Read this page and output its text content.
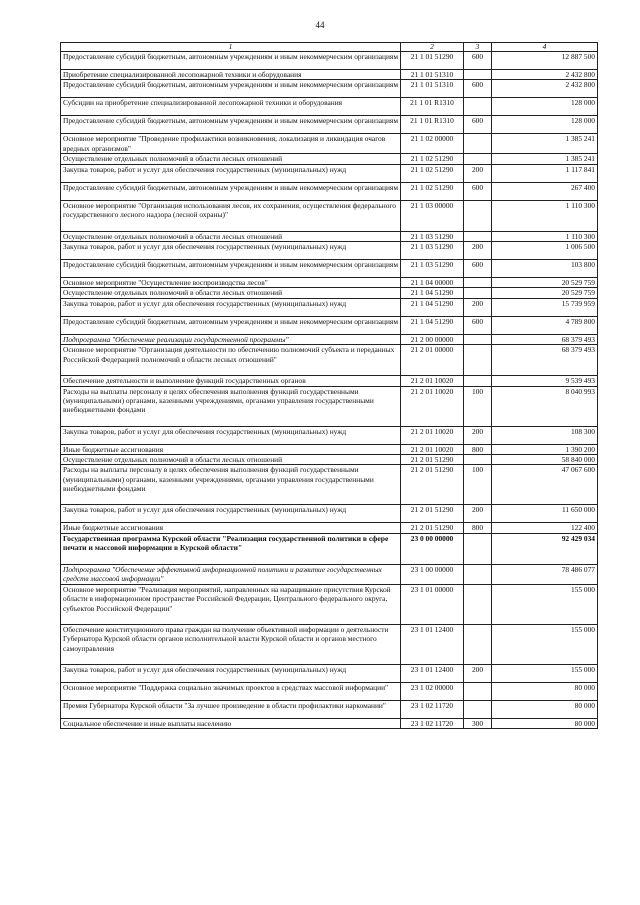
44
1	2	3	4
Предоставление субсидий бюджетным, автономным учреждениям и иным некоммерческим организациям	21 1 01 51290	600	12 887 500
Приобретение специализированной лесопожарной техники и оборудования	21 1 01 51310		2 432 800
Предоставление субсидий бюджетным, автономным учреждениям и иным некоммерческим организациям	21 1 01 51310	600	2 432 800
Субсидии на приобретение специализированной лесопожарной техники и оборудования	21 1 01 R1310		128 000
Предоставление субсидий бюджетным, автономным учреждениям и иным некоммерческим организациям	21 1 01 R1310	600	128 000
Основное мероприятие "Проведение профилактики возникновения, локализация и ликвидация очагов вредных организмов"	21 1 02 00000		1 385 241
Осуществление отдельных полномочий в области лесных отношений	21 1 02 51290		1 385 241
Закупка товаров, работ и услуг для обеспечения государственных (муниципальных) нужд	21 1 02 51290	200	1 117 841
Предоставление субсидий бюджетным, автономным учреждениям и иным некоммерческим организациям	21 1 02 51290	600	267 400
Основное мероприятие "Организация использования лесов, их сохранения, осуществления федерального государственного лесного надзора (лесной охраны)"	21 1 03 00000		1 110 300
Осуществление отдельных полномочий в области лесных отношений	21 1 03 51290		1 110 300
Закупка товаров, работ и услуг для обеспечения государственных (муниципальных) нужд	21 1 03 51290	200	1 006 500
Предоставление субсидий бюджетным, автономным учреждениям и иным некоммерческим организациям	21 1 03 51290	600	103 800
Основное мероприятие "Осуществление воспроизводства лесов"	21 1 04 00000		20 529 759
Осуществление отдельных полномочий в области лесных отношений	21 1 04 51290		20 529 759
Закупка товаров, работ и услуг для обеспечения государственных (муниципальных) нужд	21 1 04 51290	200	15 739 959
Предоставление субсидий бюджетным, автономным учреждениям и иным некоммерческим организациям	21 1 04 51290	600	4 789 800
Подпрограмма "Обеспечение реализации государственной программы"	21 2 00 00000		68 379 493
Основное мероприятие "Организация деятельности по обеспечению полномочий субъекта и переданных Российской Федерацией полномочий в области лесных отношений"	21 2 01 00000		68 379 493
Обеспечение деятельности и выполнение функций государственных органов	21 2 01 10020		9 539 493
Расходы на выплаты персоналу в целях обеспечения выполнения функций государственными (муниципальными) органами, казенными учреждениями, органами управления государственными внебюджетными фондами	21 2 01 10020	100	8 040 993
Закупка товаров, работ и услуг для обеспечения государственных (муниципальных) нужд	21 2 01 10020	200	108 300
Иные бюджетные ассигнования	21 2 01 10020	800	1 390 200
Осуществление отдельных полномочий в области лесных отношений	21 2 01 51290		58 840 000
Расходы на выплаты персоналу в целях обеспечения выполнения функций государственными (муниципальными) органами, казенными учреждениями, органами управления государственными внебюджетными фондами	21 2 01 51290	100	47 067 600
Закупка товаров, работ и услуг для обеспечения государственных (муниципальных) нужд	21 2 01 51290	200	11 650 000
Иные бюджетные ассигнования	21 2 01 51290	800	122 400
Государственная программа Курской области "Реализация государственной политики в сфере печати и массовой информации в Курской области"	23 0 00 00000		92 429 034
Подпрограмма "Обеспечение эффективной информационной политики и развитие государственных средств массовой информации"	23 1 00 00000		78 486 077
Основное мероприятие "Реализация мероприятий, направленных на наращивание присутствия Курской области в информационном пространстве Российской Федерации, Центрального федерального округа, субъектов Российской Федерации"	23 1 01 00000		155 000
Обеспечение конституционного права граждан на получение объективной информации о деятельности Губернатора Курской области органов исполнительной власти Курской области и органов местного самоуправления	23 1 01 12400		155 000
Закупка товаров, работ и услуг для обеспечения государственных (муниципальных) нужд	23 1 01 12400	200	155 000
Основное мероприятие "Поддержка социально значимых проектов в средствах массовой информации"	23 1 02 00000		80 000
Премия Губернатора Курской области "За лучшее произведение в области профилактики наркомании"	23 1 02 11720		80 000
Социальное обеспечение и иные выплаты населению	23 1 02 11720	300	80 000
